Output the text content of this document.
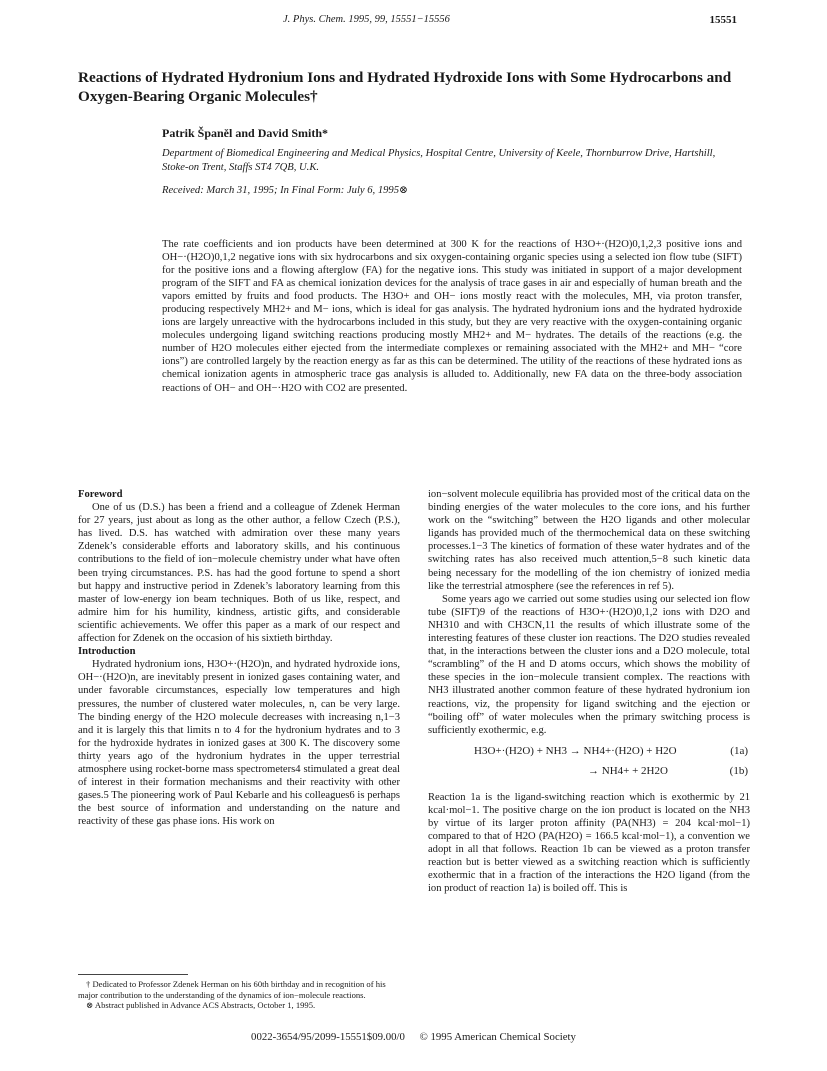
J. Phys. Chem. 1995, 99, 15551−15556	15551
Reactions of Hydrated Hydronium Ions and Hydrated Hydroxide Ions with Some Hydrocarbons and Oxygen-Bearing Organic Molecules†
Patrik Španěl and David Smith*
Department of Biomedical Engineering and Medical Physics, Hospital Centre, University of Keele, Thornburrow Drive, Hartshill, Stoke-on Trent, Staffs ST4 7QB, U.K.
Received: March 31, 1995; In Final Form: July 6, 1995⊗
The rate coefficients and ion products have been determined at 300 K for the reactions of H3O+·(H2O)0,1,2,3 positive ions and OH−·(H2O)0,1,2 negative ions with six hydrocarbons and six oxygen-containing organic species using a selected ion flow tube (SIFT) for the positive ions and a flowing afterglow (FA) for the negative ions. This study was initiated in support of a major development program of the SIFT and FA as chemical ionization devices for the analysis of trace gases in air and especially of human breath and the vapors emitted by fruits and food products. The H3O+ and OH− ions mostly react with the molecules, MH, via proton transfer, producing respectively MH2+ and M− ions, which is ideal for gas analysis. The hydrated hydronium ions and the hydrated hydroxide ions are largely unreactive with the hydrocarbons included in this study, but they are very reactive with the oxygen-containing organic molecules undergoing ligand switching reactions producing mostly MH2+ and M− hydrates. The details of the reactions (e.g. the number of H2O molecules either ejected from the intermediate complexes or remaining associated with the MH2+ and MH− “core ions”) are controlled largely by the reaction energy as far as this can be determined. The utility of the reactions of these hydrated ions as chemical ionization agents in atmospheric trace gas analysis is alluded to. Additionally, new FA data on the three-body association reactions of OH− and OH−·H2O with CO2 are presented.

Foreword

One of us (D.S.) has been a friend and a colleague of Zdenek Herman for 27 years, just about as long as the other author, a fellow Czech (P.S.), has lived. D.S. has watched with admiration over these many years Zdenek’s considerable efforts and laboratory skills, and his continuous contributions to the field of ion−molecule chemistry under what have often been trying circumstances. P.S. has had the good fortune to spend a short but happy and instructive period in Zdenek’s laboratory learning from this master of low-energy ion beam techniques. Both of us like, respect, and admire him for his humility, kindness, artistic gifts, and considerable scientific achievements. We offer this paper as a mark of our respect and affection for Zdenek on the occasion of his sixtieth birthday.

Introduction

Hydrated hydronium ions, H3O+·(H2O)n, and hydrated hydroxide ions, OH−·(H2O)n, are inevitably present in ionized gases containing water, and under favorable circumstances, especially low temperatures and high pressures, the number of clustered water molecules, n, can be very large. The binding energy of the H2O molecule decreases with increasing n,1−3 and it is largely this that limits n to 4 for the hydronium hydrates and to 3 for the hydroxide hydrates in ionized gases at 300 K. The discovery some thirty years ago of the hydronium hydrates in the upper terrestrial atmosphere using rocket-borne mass spectrometers4 stimulated a great deal of interest in their formation mechanisms and their reactivity with other gases.5 The pioneering work of Paul Kebarle and his colleagues6 is perhaps the best source of information and understanding on the nature and reactivity of these gas phase ions. His work on

ion−solvent molecule equilibria has provided most of the critical data on the binding energies of the water molecules to the core ions, and his further work on the “switching” between the H2O ligands and other molecular ligands has provided much of the thermochemical data on these switching processes.1−3 The kinetics of formation of these water hydrates and of the switching rates has also received much attention,5−8 such kinetic data being necessary for the modelling of the ion chemistry of ionized media like the terrestrial atmosphere (see the references in ref 5).

Some years ago we carried out some studies using our selected ion flow tube (SIFT)9 of the reactions of H3O+·(H2O)0,1,2 ions with D2O and NH310 and with CH3CN,11 the results of which illustrate some of the interesting features of these cluster ion reactions. The D2O studies revealed that, in the interactions between the cluster ions and a D2O molecule, total “scrambling” of the H and D atoms occurs, which shows the mobility of these species in the ion−molecule transient complex. The reactions with NH3 illustrated another common feature of these hydrated hydronium ion reactions, viz, the propensity for ligand switching and the ejection or “boiling off” of water molecules when the primary switching process is sufficiently exothermic, e.g.

H3O+·(H2O) + NH3 → NH4+·(H2O) + H2O	(1a)
→ NH4+ + 2H2O	(1b)

Reaction 1a is the ligand-switching reaction which is exothermic by 21 kcal·mol−1. The positive charge on the ion product is located on the NH3 by virtue of its larger proton affinity (PA(NH3) = 204 kcal·mol−1) compared to that of H2O (PA(H2O) = 166.5 kcal·mol−1), a convention we adopt in all that follows. Reaction 1b can be viewed as a proton transfer reaction but is better viewed as a switching reaction which is sufficiently exothermic that in a fraction of the interactions the H2O ligand (from the ion product of reaction 1a) is boiled off. This is

† Dedicated to Professor Zdenek Herman on his 60th birthday and in recognition of his major contribution to the understanding of the dynamics of ion−molecule reactions.
⊗ Abstract published in Advance ACS Abstracts, October 1, 1995.
0022-3654/95/2099-15551$09.00/0 © 1995 American Chemical Society
